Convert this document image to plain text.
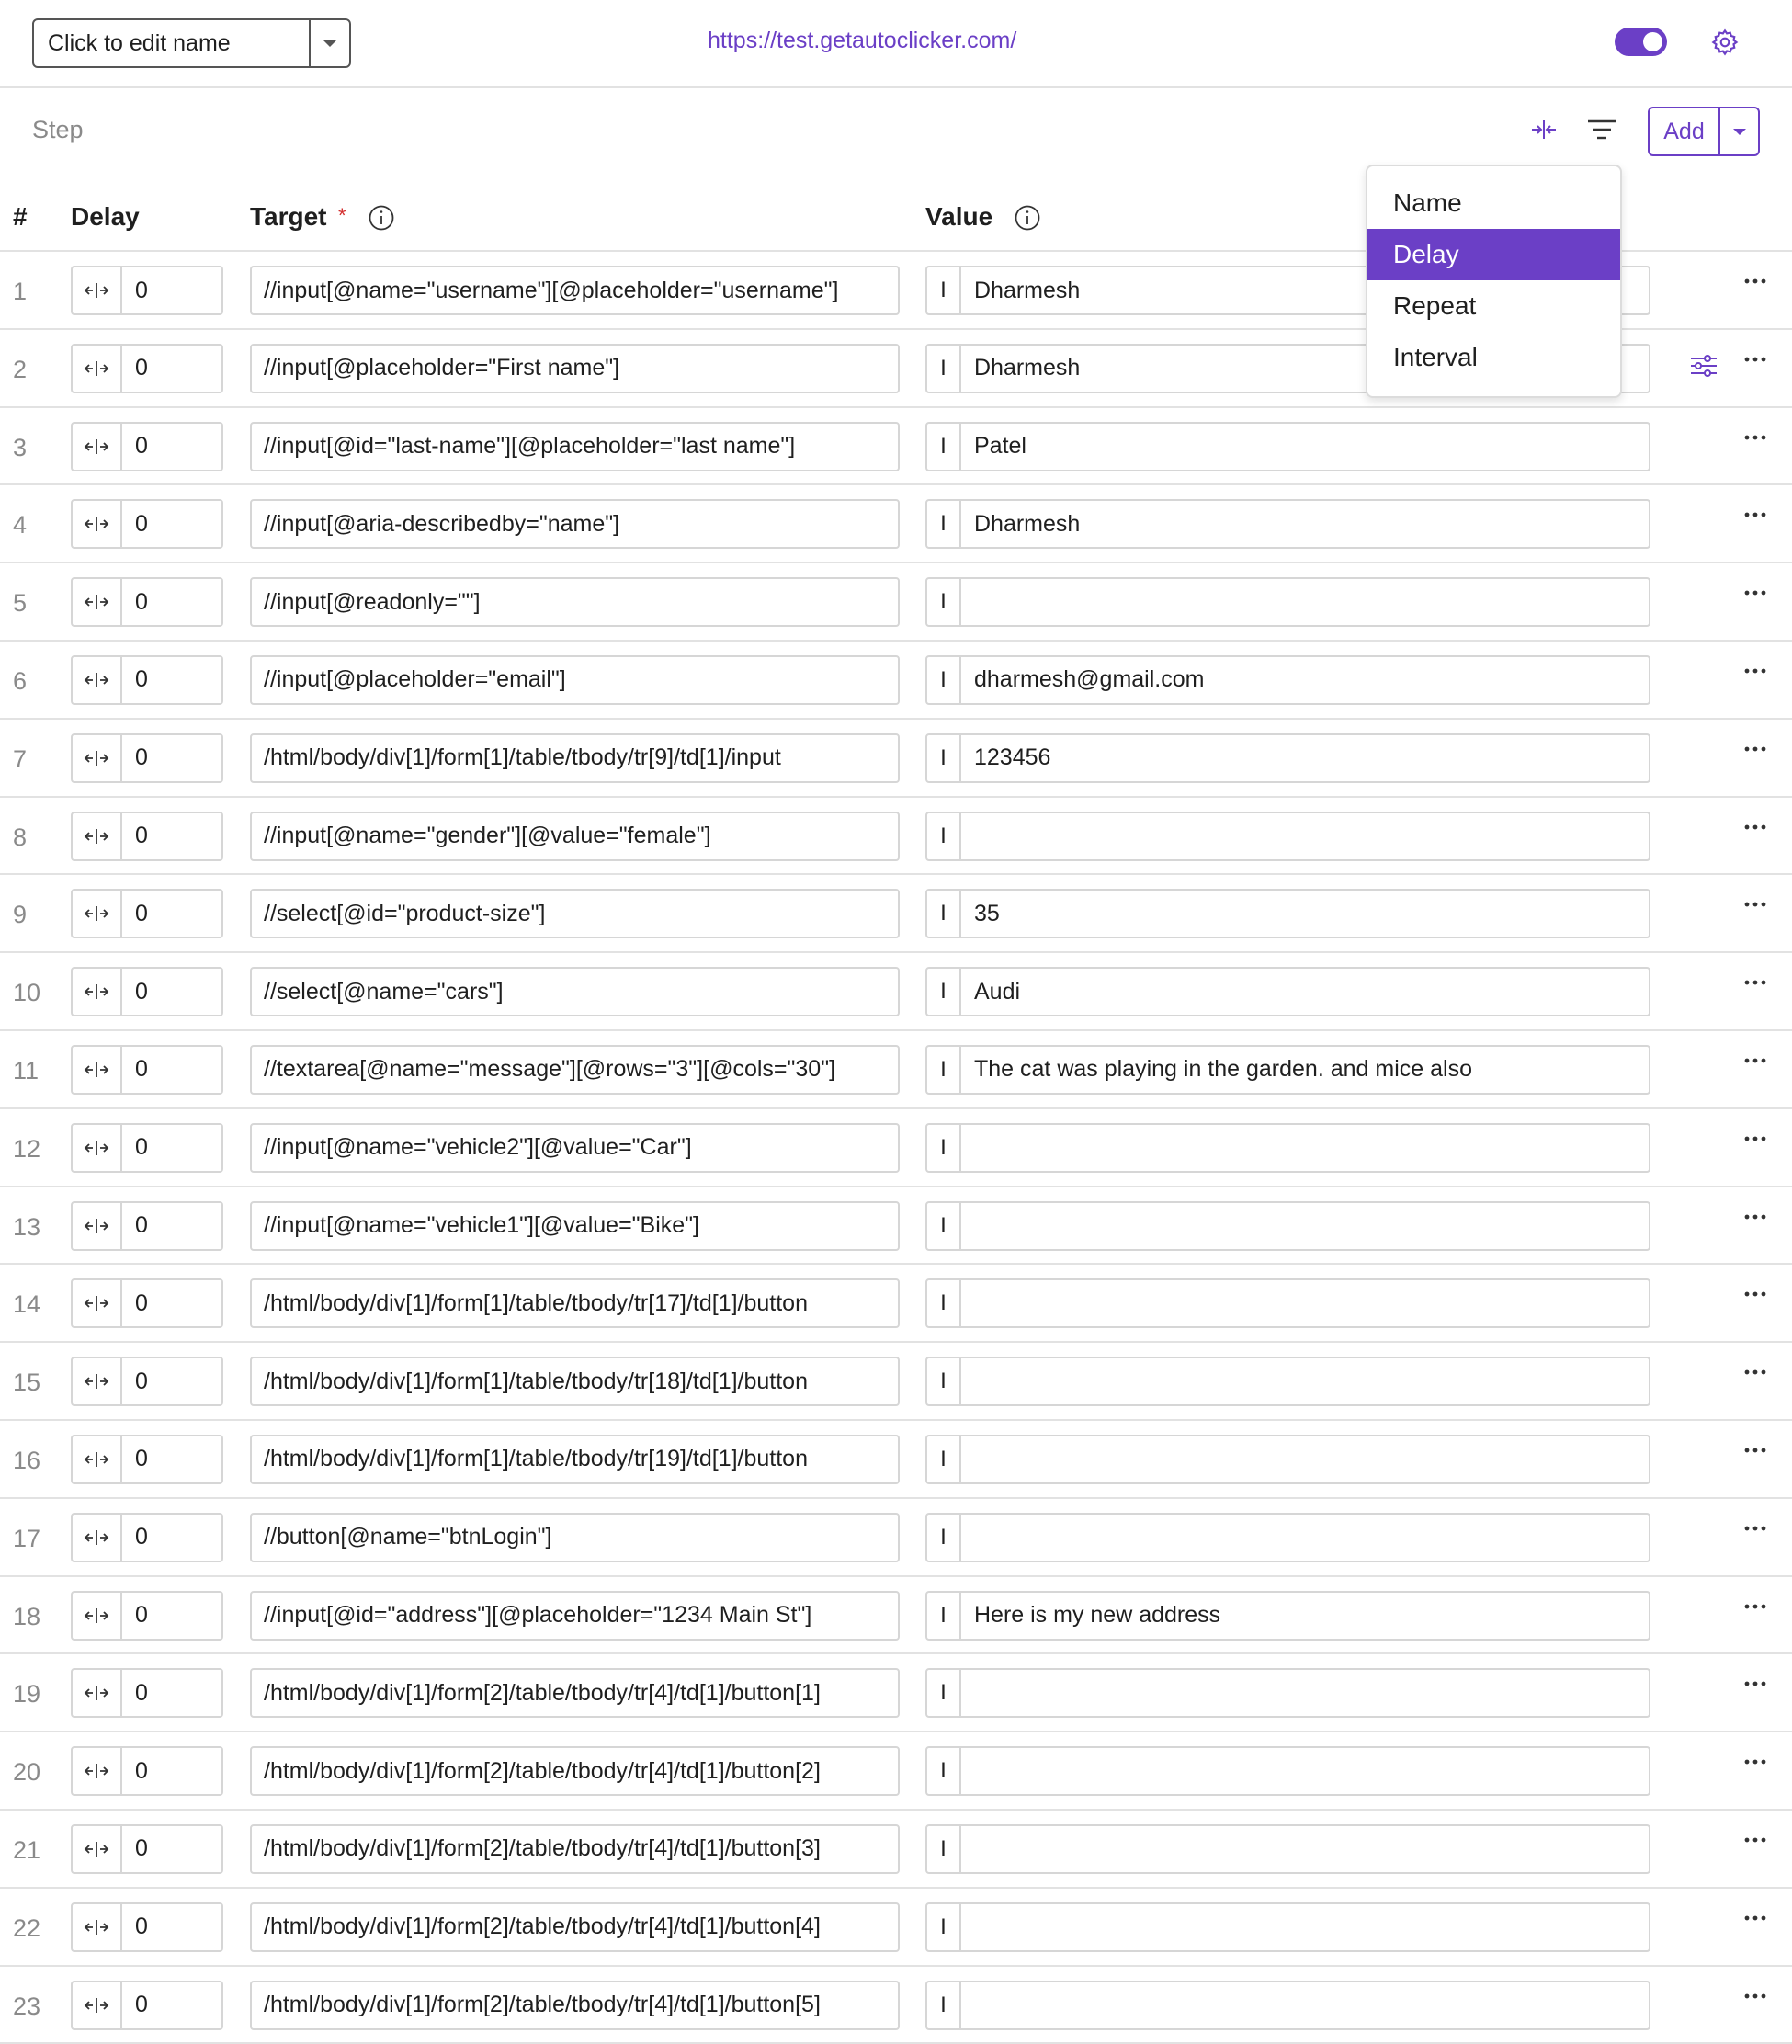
Click to edit name	https://test.getautoclicker.com/
Step	Add
# Delay	Target *	Value
1	0	//input[@name="username"][@placeholder="username"]	I	Dharmesh
2	0	//input[@placeholder="First name"]	I	Dharmesh
3	0	//input[@id="last-name"][@placeholder="last name"]	I	Patel
4	0	//input[@aria-describedby="name"]	I	Dharmesh
5	0	//input[@readonly=""]	I
6	0	//input[@placeholder="email"]	I	dharmesh@gmail.com
7	0	/html/body/div[1]/form[1]/table/tbody/tr[9]/td[1]/input	I	123456
8	0	//input[@name="gender"][@value="female"]	I
9	0	//select[@id="product-size"]	I	35
10	0	//select[@name="cars"]	I	Audi
11	0	//textarea[@name="message"][@rows="3"][@cols="30"]	I	The cat was playing in the garden. and mice also
12	0	//input[@name="vehicle2"][@value="Car"]	I
13	0	//input[@name="vehicle1"][@value="Bike"]	I
14	0	/html/body/div[1]/form[1]/table/tbody/tr[17]/td[1]/button	I
15	0	/html/body/div[1]/form[1]/table/tbody/tr[18]/td[1]/button	I
16	0	/html/body/div[1]/form[1]/table/tbody/tr[19]/td[1]/button	I
17	0	//button[@name="btnLogin"]	I
18	0	//input[@id="address"][@placeholder="1234 Main St"]	I	Here is my new address
19	0	/html/body/div[1]/form[2]/table/tbody/tr[4]/td[1]/button[1]	I
20	0	/html/body/div[1]/form[2]/table/tbody/tr[4]/td[1]/button[2]	I
21	0	/html/body/div[1]/form[2]/table/tbody/tr[4]/td[1]/button[3]	I
22	0	/html/body/div[1]/form[2]/table/tbody/tr[4]/td[1]/button[4]	I
23	0	/html/body/div[1]/form[2]/table/tbody/tr[4]/td[1]/button[5]	I
Name
Delay
Repeat
Interval
